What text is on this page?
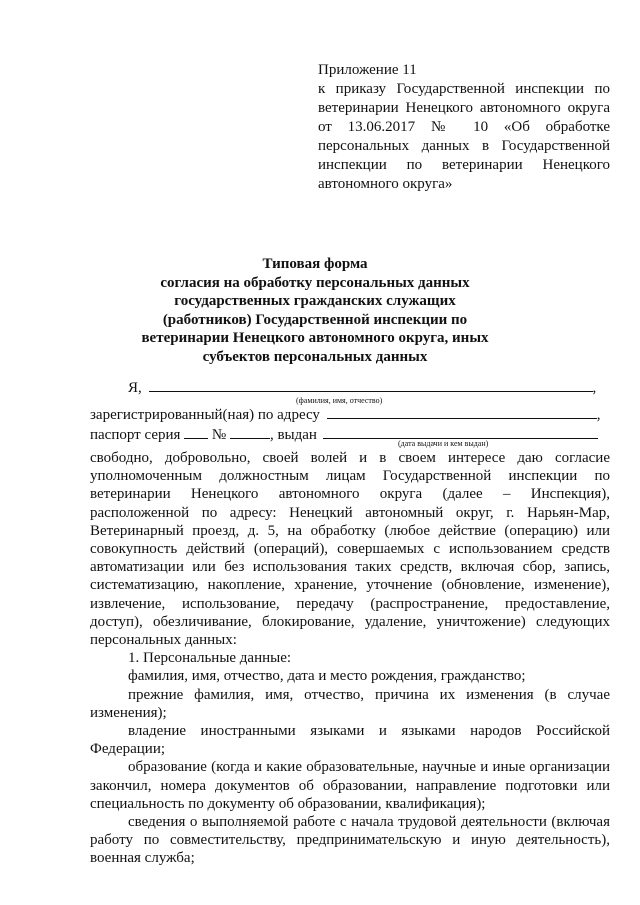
Приложение 11
к приказу Государственной инспекции по
ветеринарии Ненецкого автономного округа
от 13.06.2017 № 10 «Об обработке
персональных данных в Государственной
инспекции по ветеринарии Ненецкого
автономного округа»
Типовая форма
согласия на обработку персональных данных
государственных гражданских служащих
(работников) Государственной инспекции по
ветеринарии Ненецкого автономного округа, иных
субъектов персональных данных
Я,	,
(фамилия, имя, отчество)
зарегистрированный(ная) по адресу	,
паспорт серия №	, выдан
(дата выдачи и кем выдан)

свободно, добровольно, своей волей и в своем интересе даю согласие уполномоченным должностным лицам Государственной инспекции по ветеринарии Ненецкого автономного округа (далее – Инспекция), расположенной по адресу: Ненецкий автономный округ, г. Нарьян-Мар, Ветеринарный проезд, д. 5, на обработку (любое действие (операцию) или совокупность действий (операций), совершаемых с использованием средств автоматизации или без использования таких средств, включая сбор, запись, систематизацию, накопление, хранение, уточнение (обновление, изменение), извлечение, использование, передачу (распространение, предоставление, доступ), обезличивание, блокирование, удаление, уничтожение) следующих персональных данных:

1. Персональные данные:

фамилия, имя, отчество, дата и место рождения, гражданство;

прежние фамилия, имя, отчество, причина их изменения (в случае изменения);

владение иностранными языками и языками народов Российской Федерации;

образование (когда и какие образовательные, научные и иные организации закончил, номера документов об образовании, направление подготовки или специальность по документу об образовании, квалификация);

сведения о выполняемой работе с начала трудовой деятельности (включая работу по совместительству, предпринимательскую и иную деятельность), военная служба;
